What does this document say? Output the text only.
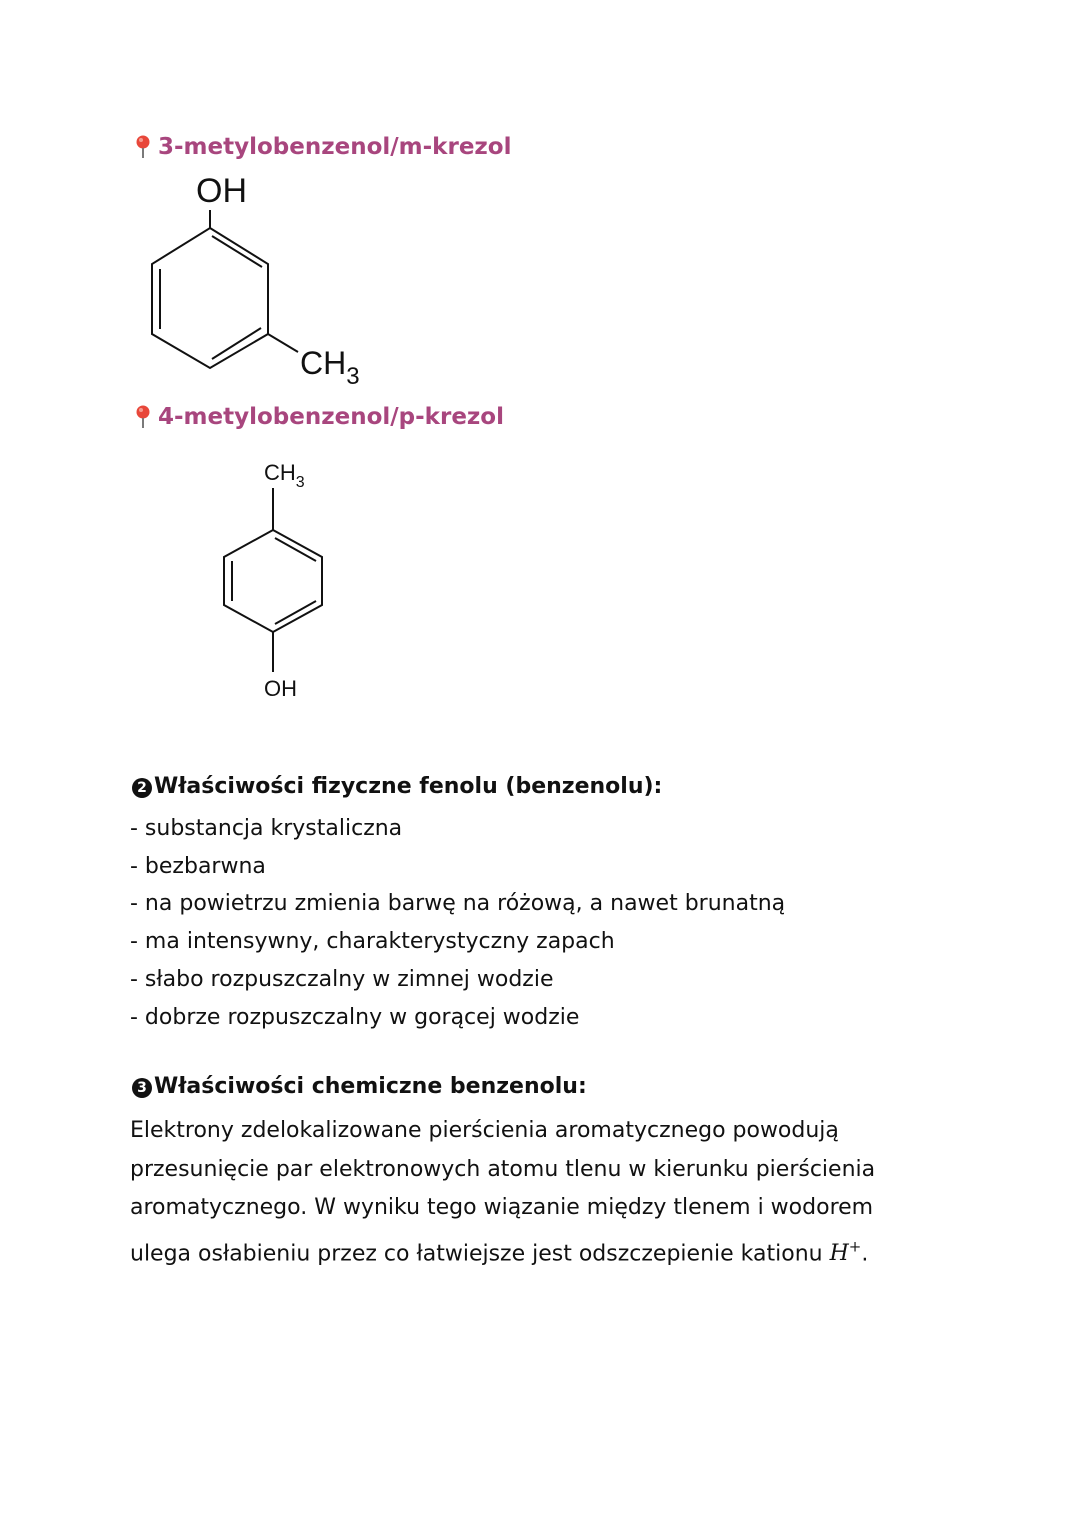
3-metylobenzenol/m-krezol
OH
$CH_3$
4-metylobenzenol/p-krezol
$CH_3$
OH
2 Właściwości fizyczne fenolu (benzenolu):
- substancja krystaliczna
- bezbarwna
- na powietrzu zmienia barwę na różową, a nawet brunatną
- ma intensywny, charakterystyczny zapach
- słabo rozpuszczalny w zimnej wodzie
- dobrze rozpuszczalny w gorącej wodzie
3 Właściwości chemiczne benzenolu:

Elektrony zdelokalizowane pierścienia aromatycznego powodują przesunięcie par elektronowych atomu tlenu w kierunku pierścienia aromatycznego. W wyniku tego wiązanie między tlenem i wodorem ulega osłabieniu przez co łatwiejsze jest odszczepienie kationu H+.
